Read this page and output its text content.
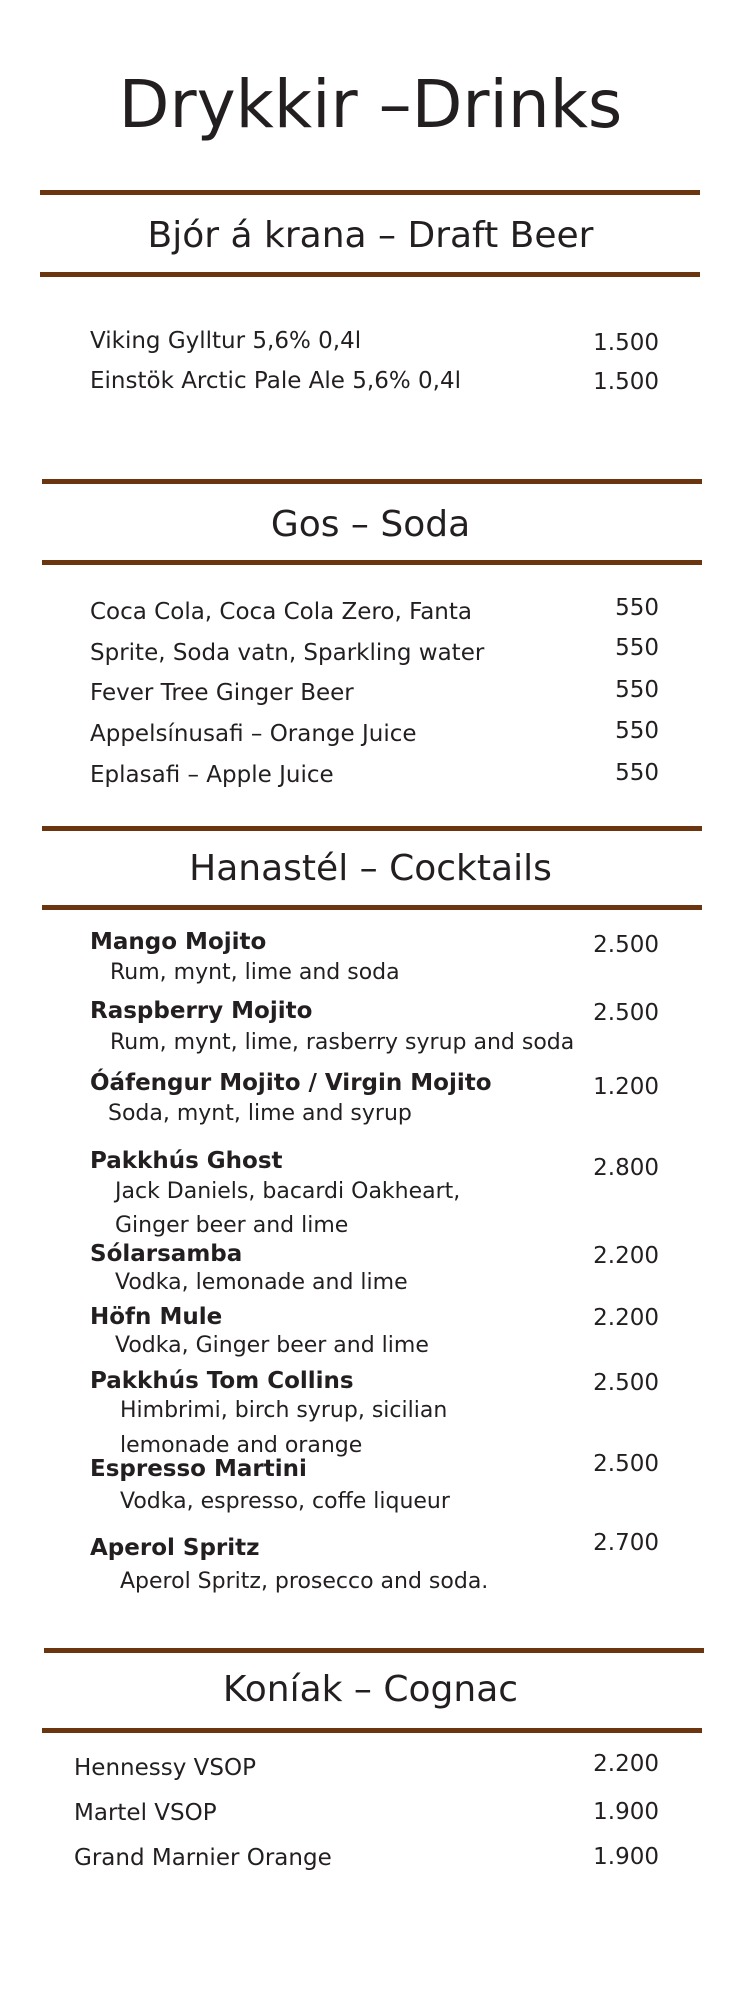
Drykkir –Drinks
Bjór á krana – Draft Beer
Viking Gylltur 5,6% 0,4l	1.500
Einstök Arctic Pale Ale 5,6% 0,4l	1.500
Gos – Soda
Coca Cola, Coca Cola Zero, Fanta	550
Sprite, Soda vatn, Sparkling water	550
Fever Tree Ginger Beer	550
Appelsínusafi – Orange Juice	550
Eplasafi – Apple Juice	550
Hanastél – Cocktails
Mango Mojito
Rum, mynt, lime and soda
2.500
Raspberry Mojito
Rum, mynt, lime, rasberry syrup and soda
2.500
Óáfengur Mojito / Virgin Mojito
Soda, mynt, lime and syrup
1.200
Pakkhús Ghost
Jack Daniels, bacardi Oakheart,
Ginger beer and lime
2.800
Sólarsamba
Vodka, lemonade and lime
2.200
Höfn Mule
Vodka, Ginger beer and lime
2.200
Pakkhús Tom Collins
Himbrimi, birch syrup, sicilian
lemonade and orange
2.500
Espresso Martini
Vodka, espresso, coffe liqueur
2.500
Aperol Spritz
Aperol Spritz, prosecco and soda.
2.700
Koníak – Cognac
Hennessy VSOP	2.200
Martel VSOP	1.900
Grand Marnier Orange	1.900
